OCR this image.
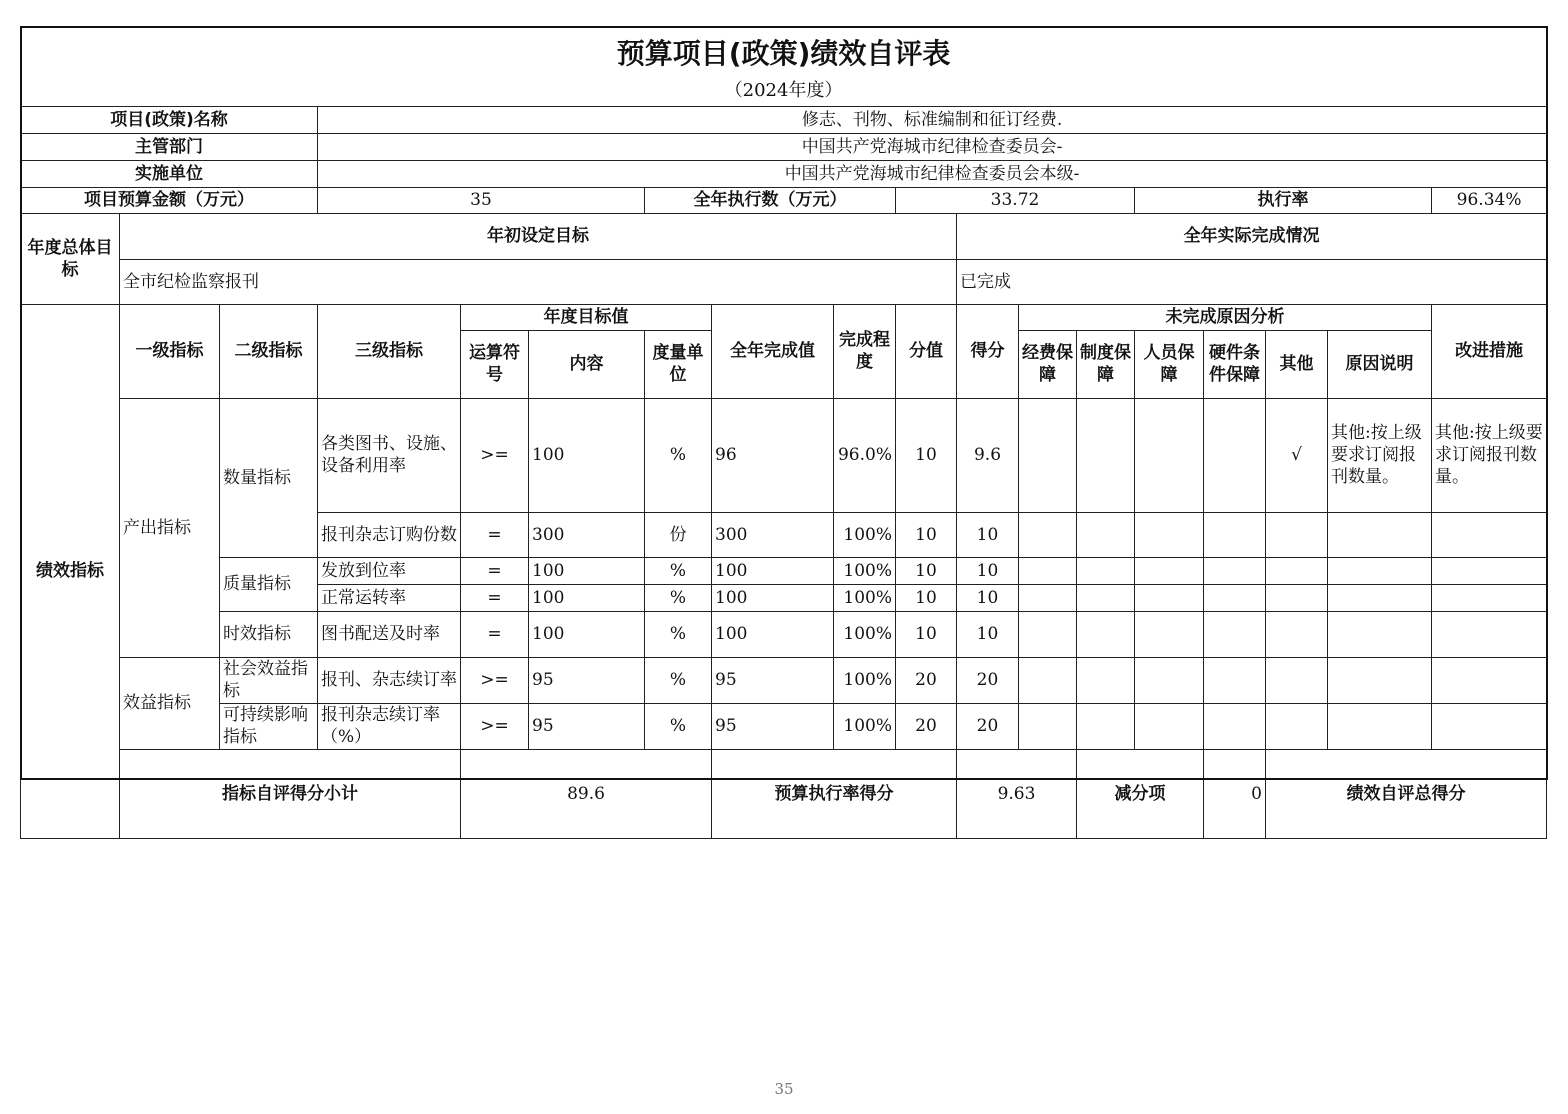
预算项目(政策)绩效自评表																		
（2024年度）																		
项目(政策)名称			修志、刊物、标准编制和征订经费.															
主管部门			中国共产党海城市纪律检查委员会-															
实施单位			中国共产党海城市纪律检查委员会本级-															
项目预算金额（万元）			35			全年执行数（万元）			33.72				执行率				96.34%	
年度总体目标	年初设定目标									全年实际完成情况								
	全市纪检监察报刊									已完成								
绩效指标	一级指标	二级指标	三级指标	年度目标值			全年完成值	完成程度	分值	得分	未完成原因分析						改进措施	
				运算符号	内容	度量单位					经费保障	制度保障	人员保障	硬件条件保障	其他	原因说明		
	产出指标	数量指标	各类图书、设施、设备利用率	>=	100	%	96	96.0%	10	9.6					√	其他:按上级要求订阅报刊数量。	其他:按上级要求订阅报刊数量。	
			报刊杂志订购份数	=	300	份	300	100%	10	10								
		质量指标	发放到位率	=	100	%	100	100%	10	10								
			正常运转率	=	100	%	100	100%	10	10								
		时效指标	图书配送及时率	=	100	%	100	100%	10	10								
	效益指标	社会效益指标	报刊、杂志续订率	>=	95	%	95	100%	20	20								
		可持续影响指标	报刊杂志续订率（%）	>=	95	%	95	100%	20	20								
	指标自评得分小计			89.6			预算执行率得分			9.63		减分项		0	绩效自评总得分	
35
